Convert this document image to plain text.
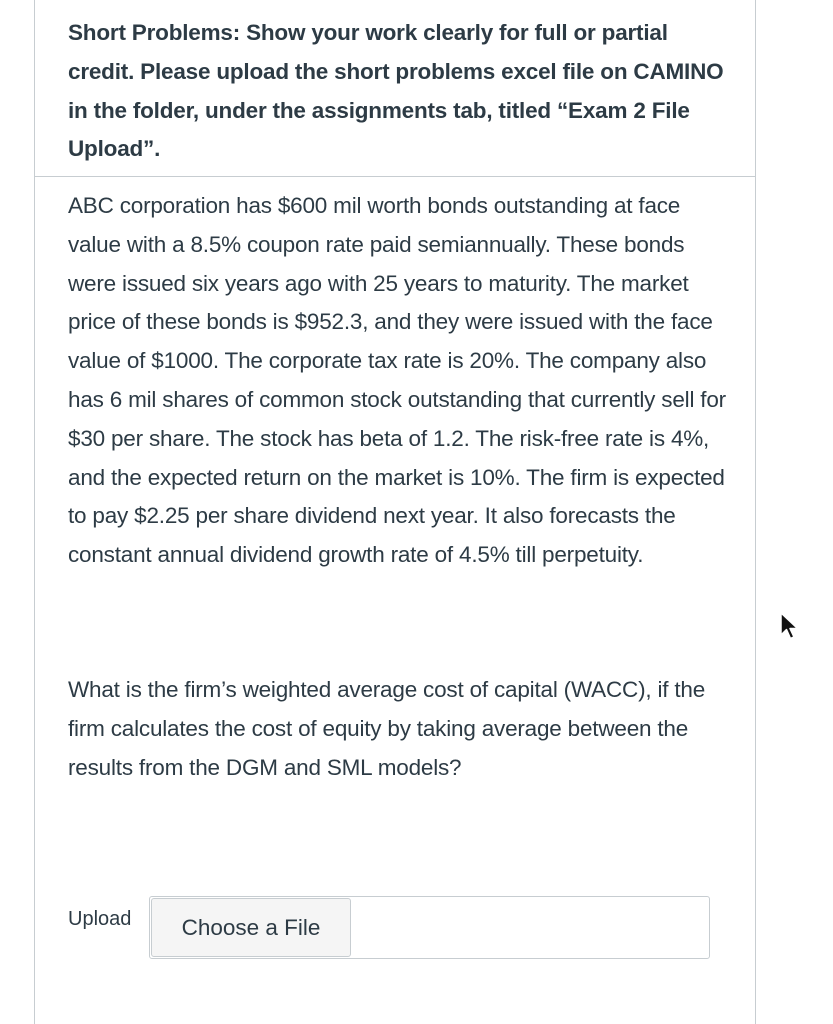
Short Problems: Show your work clearly for full or partial credit. Please upload the short problems excel file on CAMINO in the folder, under the assignments tab, titled “Exam 2 File Upload”.

ABC corporation has $600 mil worth bonds outstanding at face value with a 8.5% coupon rate paid semiannually. These bonds were issued six years ago with 25 years to maturity. The market price of these bonds is $952.3, and they were issued with the face value of $1000. The corporate tax rate is 20%. The company also has 6 mil shares of common stock outstanding that currently sell for $30 per share. The stock has beta of 1.2. The risk-free rate is 4%, and the expected return on the market is 10%. The firm is expected to pay $2.25 per share dividend next year. It also forecasts the constant annual dividend growth rate of 4.5% till perpetuity.

What is the firm’s weighted average cost of capital (WACC), if the firm calculates the cost of equity by taking average between the results from the DGM and SML models?

Upload	Choose a File
